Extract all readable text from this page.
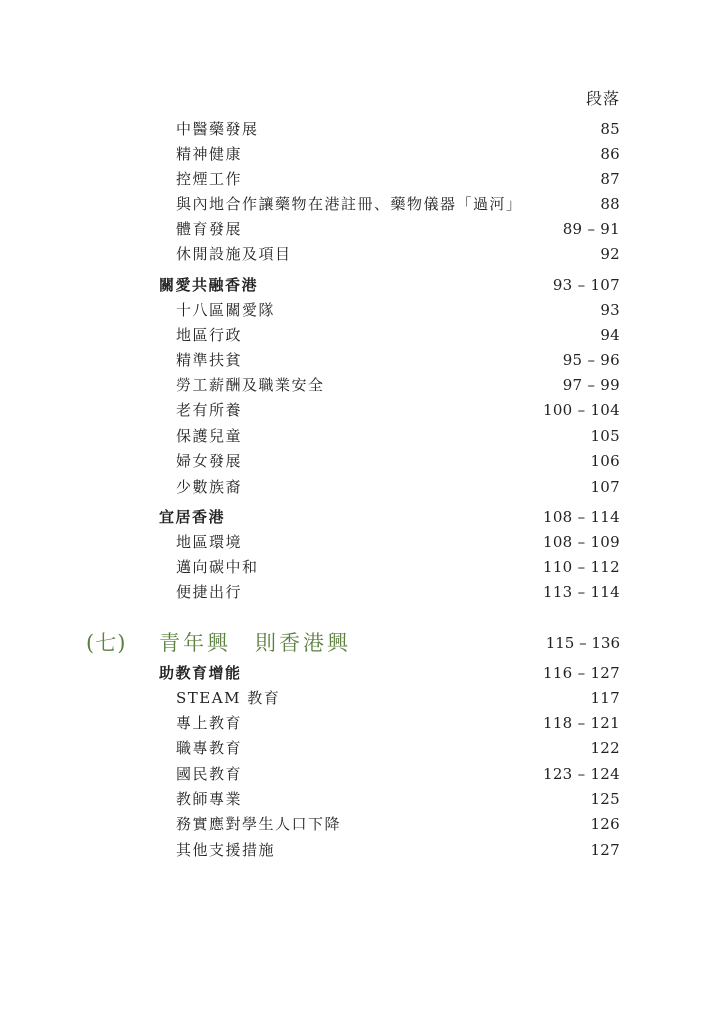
段落
中醫藥發展	85
精神健康	86
控煙工作	87
與內地合作讓藥物在港註冊、藥物儀器「過河」	88
體育發展	89 – 91
休閒設施及項目	92
關愛共融香港	93 – 107
十八區關愛隊	93
地區行政	94
精準扶貧	95 – 96
勞工薪酬及職業安全	97 – 99
老有所養	100 – 104
保護兒童	105
婦女發展	106
少數族裔	107
宜居香港	108 – 114
地區環境	108 – 109
邁向碳中和	110 – 112
便捷出行	113 – 114
(七) 青年興　則香港興	115 – 136
助教育增能	116 – 127
STEAM 教育	117
專上教育	118 – 121
職專教育	122
國民教育	123 – 124
教師專業	125
務實應對學生人口下降	126
其他支援措施	127
